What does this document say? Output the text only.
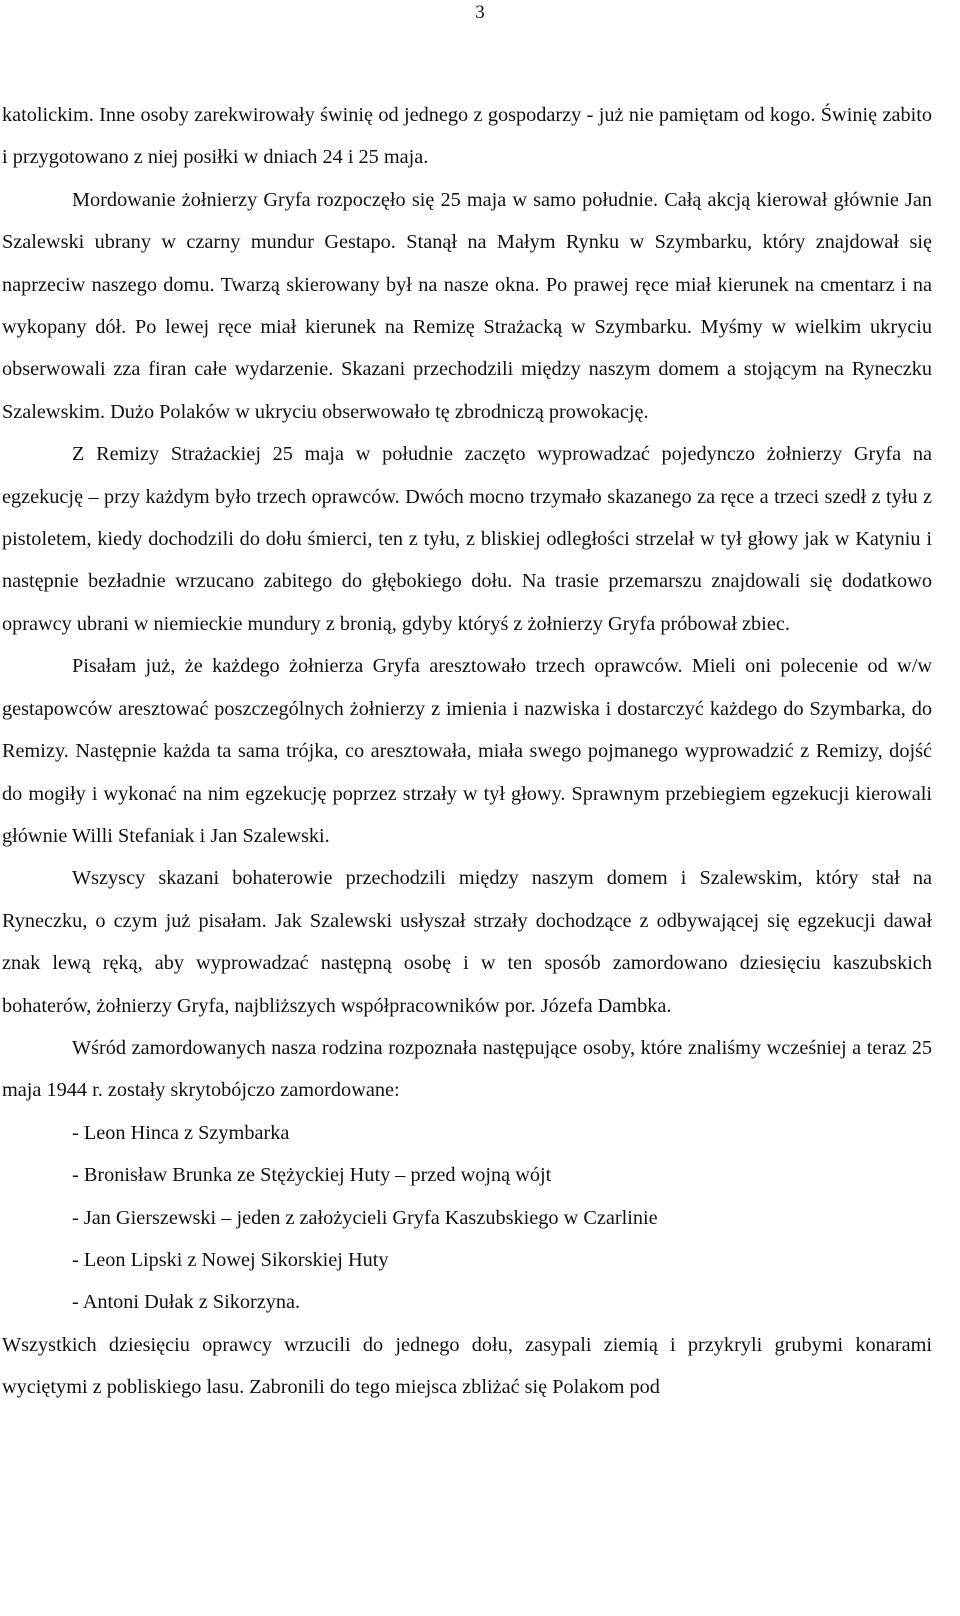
3

katolickim. Inne osoby zarekwirowały świnię od jednego z gospodarzy - już nie pamiętam od kogo. Świnię zabito i przygotowano z niej posiłki w dniach 24 i 25 maja.

Mordowanie żołnierzy Gryfa rozpoczęło się 25 maja w samo południe. Całą akcją kierował głównie Jan Szalewski ubrany w czarny mundur Gestapo. Stanął na Małym Rynku w Szymbarku, który znajdował się naprzeciw naszego domu. Twarzą skierowany był na nasze okna. Po prawej ręce miał kierunek na cmentarz i na wykopany dół. Po lewej ręce miał kierunek na Remizę Strażacką w Szymbarku. Myśmy w wielkim ukryciu obserwowali zza firan całe wydarzenie. Skazani przechodzili między naszym domem a stojącym na Ryneczku Szalewskim. Dużo Polaków w ukryciu obserwowało tę zbrodniczą prowokację.

Z Remizy Strażackiej 25 maja w południe zaczęto wyprowadzać pojedynczo żołnierzy Gryfa na egzekucję – przy każdym było trzech oprawców. Dwóch mocno trzymało skazanego za ręce a trzeci szedł z tyłu z pistoletem, kiedy dochodzili do dołu śmierci, ten z tyłu, z bliskiej odległości strzelał w tył głowy jak w Katyniu i następnie bezładnie wrzucano zabitego do głębokiego dołu. Na trasie przemarszu znajdowali się dodatkowo oprawcy ubrani w niemieckie mundury z bronią, gdyby któryś z żołnierzy Gryfa próbował zbiec.

Pisałam już, że każdego żołnierza Gryfa aresztowało trzech oprawców. Mieli oni polecenie od w/w gestapowców aresztować poszczególnych żołnierzy z imienia i nazwiska i dostarczyć każdego do Szymbarka, do Remizy. Następnie każda ta sama trójka, co aresztowała, miała swego pojmanego wyprowadzić z Remizy, dojść do mogiły i wykonać na nim egzekucję poprzez strzały w tył głowy. Sprawnym przebiegiem egzekucji kierowali głównie Willi Stefaniak i Jan Szalewski.

Wszyscy skazani bohaterowie przechodzili między naszym domem i Szalewskim, który stał na Ryneczku, o czym już pisałam. Jak Szalewski usłyszał strzały dochodzące z odbywającej się egzekucji dawał znak lewą ręką, aby wyprowadzać następną osobę i w ten sposób zamordowano dziesięciu kaszubskich bohaterów, żołnierzy Gryfa, najbliższych współpracowników por. Józefa Dambka.

Wśród zamordowanych nasza rodzina rozpoznała następujące osoby, które znaliśmy wcześniej a teraz 25 maja 1944 r. zostały skrytobójczo zamordowane:

- Leon Hinca z Szymbarka
- Bronisław Brunka ze Stężyckiej Huty – przed wojną wójt
- Jan Gierszewski – jeden z założycieli Gryfa Kaszubskiego w Czarlinie
- Leon Lipski z Nowej Sikorskiej Huty
- Antoni Dułak z Sikorzyna.

Wszystkich dziesięciu oprawcy wrzucili do jednego dołu, zasypali ziemią i przykryli grubymi konarami wyciętymi z pobliskiego lasu. Zabronili do tego miejsca zbliżać się Polakom pod
